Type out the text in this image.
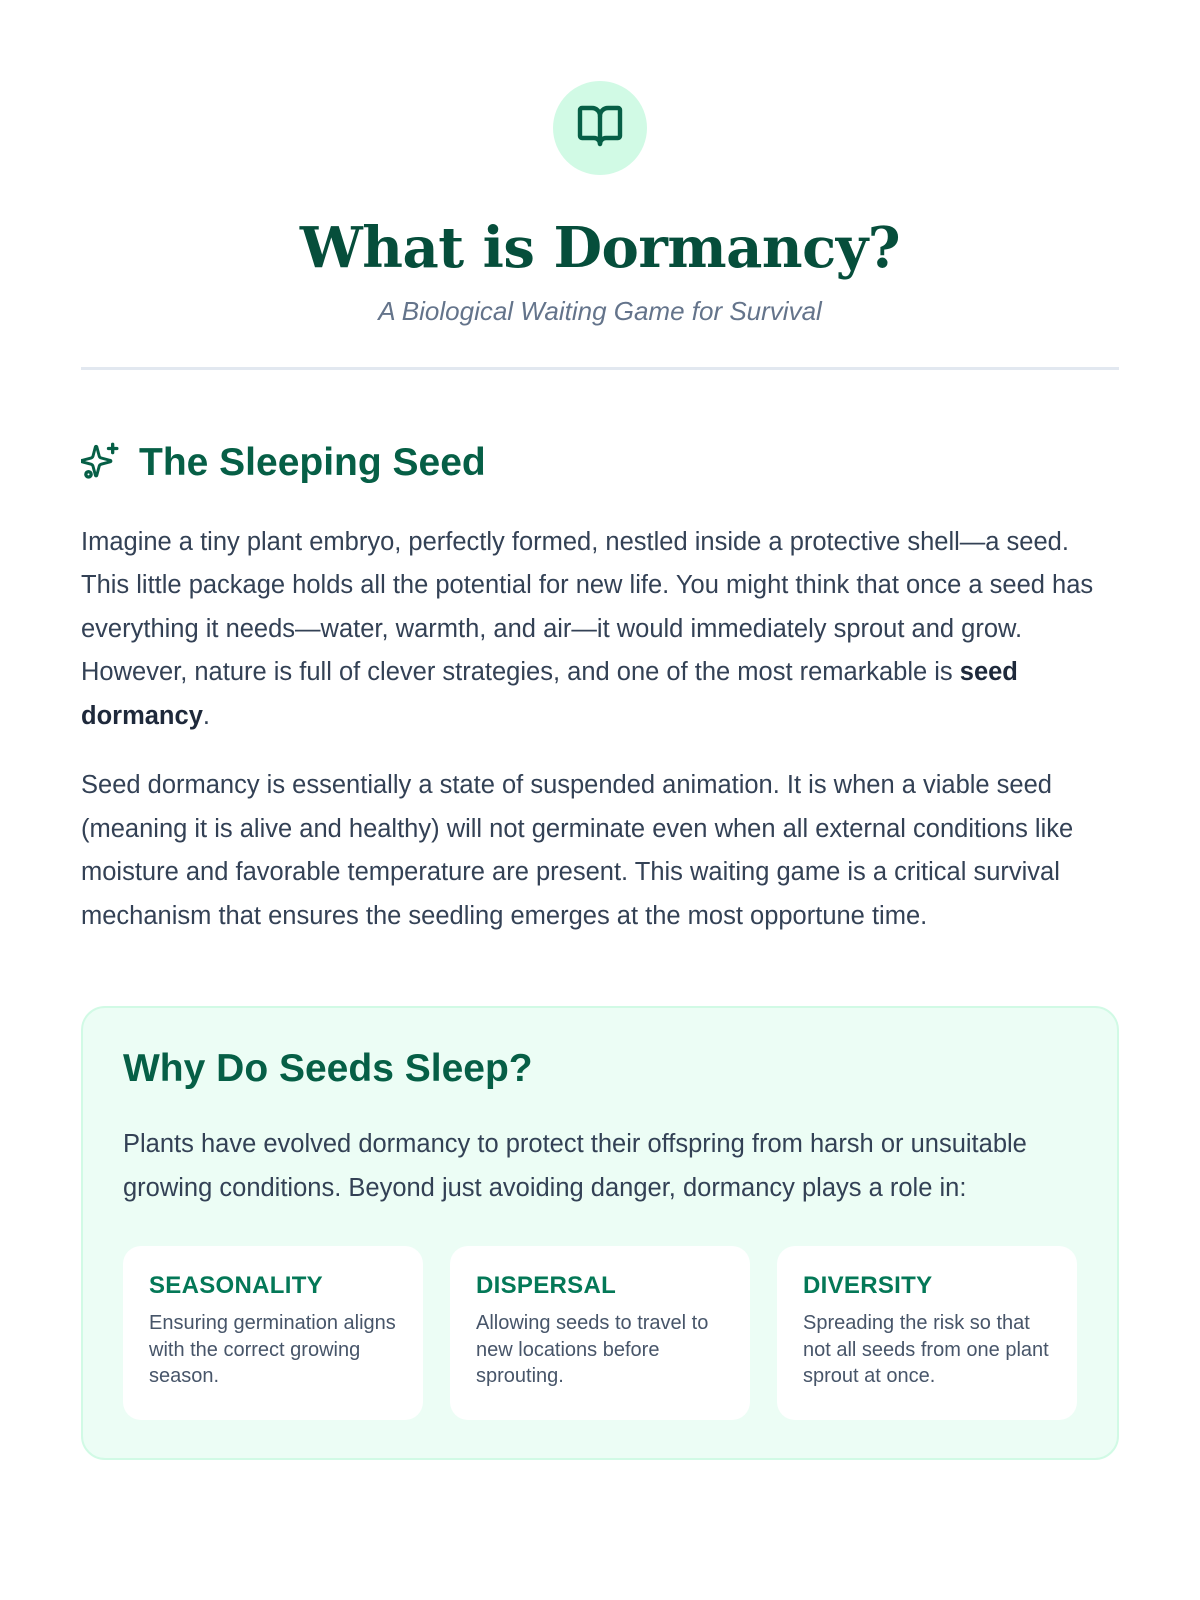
What is Dormancy?

A Biological Waiting Game for Survival

The Sleeping Seed

Imagine a tiny plant embryo, perfectly formed, nestled inside a protective shell—a seed. This little package holds all the potential for new life. You might think that once a seed has everything it needs—water, warmth, and air—it would immediately sprout and grow. However, nature is full of clever strategies, and one of the most remarkable is seed dormancy.

Seed dormancy is essentially a state of suspended animation. It is when a viable seed (meaning it is alive and healthy) will not germinate even when all external conditions like moisture and favorable temperature are present. This waiting game is a critical survival mechanism that ensures the seedling emerges at the most opportune time.

Why Do Seeds Sleep?

Plants have evolved dormancy to protect their offspring from harsh or unsuitable growing conditions. Beyond just avoiding danger, dormancy plays a role in:

SEASONALITY
Ensuring germination aligns with the correct growing season.
DISPERSAL
Allowing seeds to travel to new locations before sprouting.
DIVERSITY
Spreading the risk so that not all seeds from one plant sprout at once.
